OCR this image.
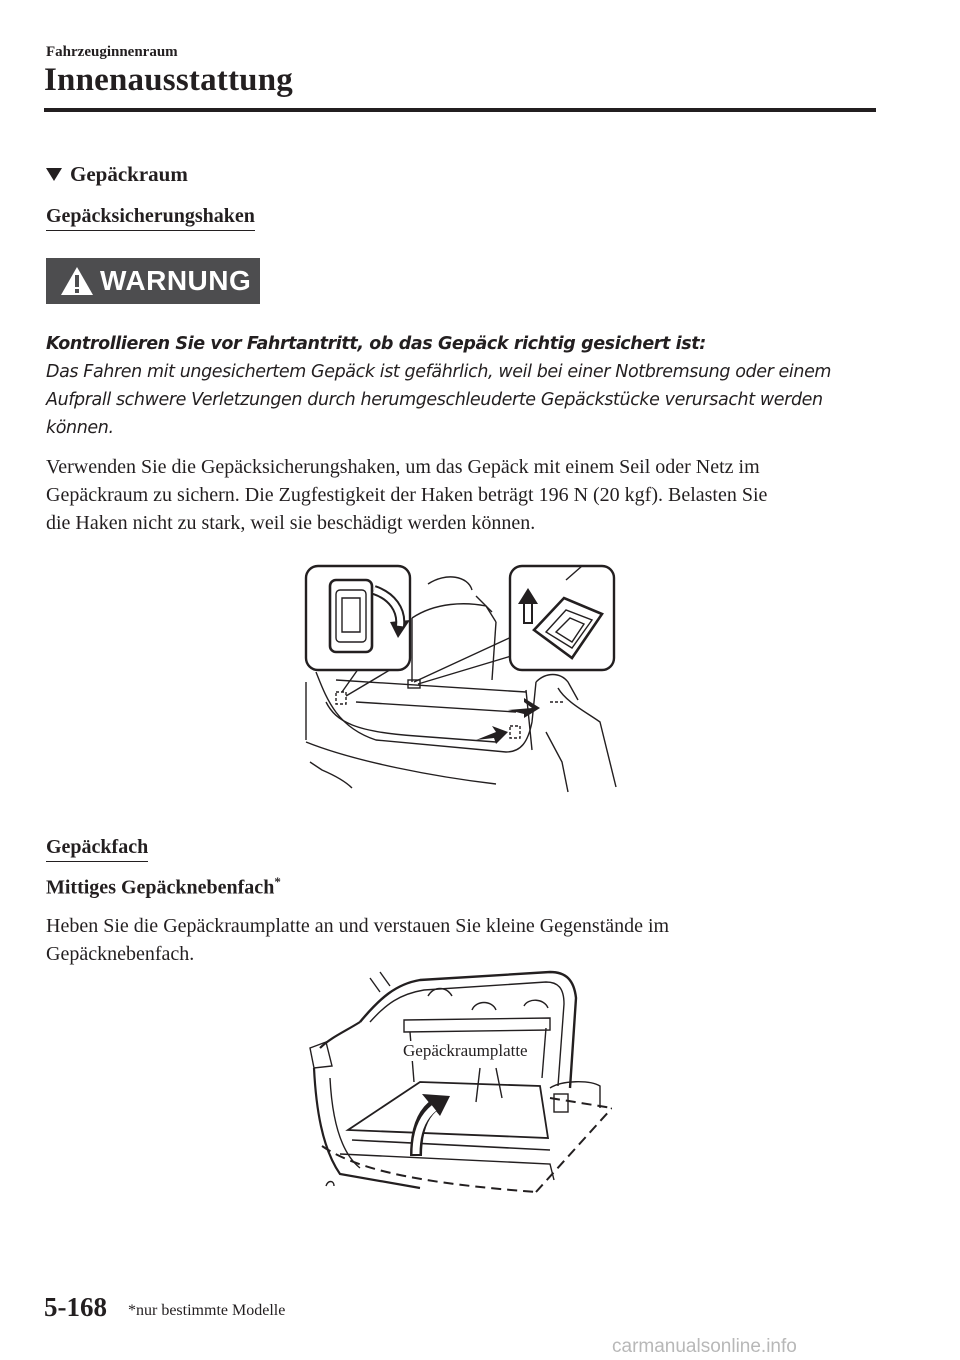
Fahrzeuginnenraum
Innenausstattung
Gepäckraum
Gepäcksicherungshaken
WARNUNG
Kontrollieren Sie vor Fahrtantritt, ob das Gepäck richtig gesichert ist:
Das Fahren mit ungesichertem Gepäck ist gefährlich, weil bei einer Notbremsung oder einem
Aufprall schwere Verletzungen durch herumgeschleuderte Gepäckstücke verursacht werden
können.
Verwenden Sie die Gepäcksicherungshaken, um das Gepäck mit einem Seil oder Netz im
Gepäckraum zu sichern. Die Zugfestigkeit der Haken beträgt 196 N (20 kgf). Belasten Sie
die Haken nicht zu stark, weil sie beschädigt werden können.
Gepäckfach
Mittiges Gepäcknebenfach*
Heben Sie die Gepäckraumplatte an und verstauen Sie kleine Gegenstände im
Gepäcknebenfach.
Gepäckraumplatte
5-168 *nur bestimmte Modelle
carmanualsonline.info
